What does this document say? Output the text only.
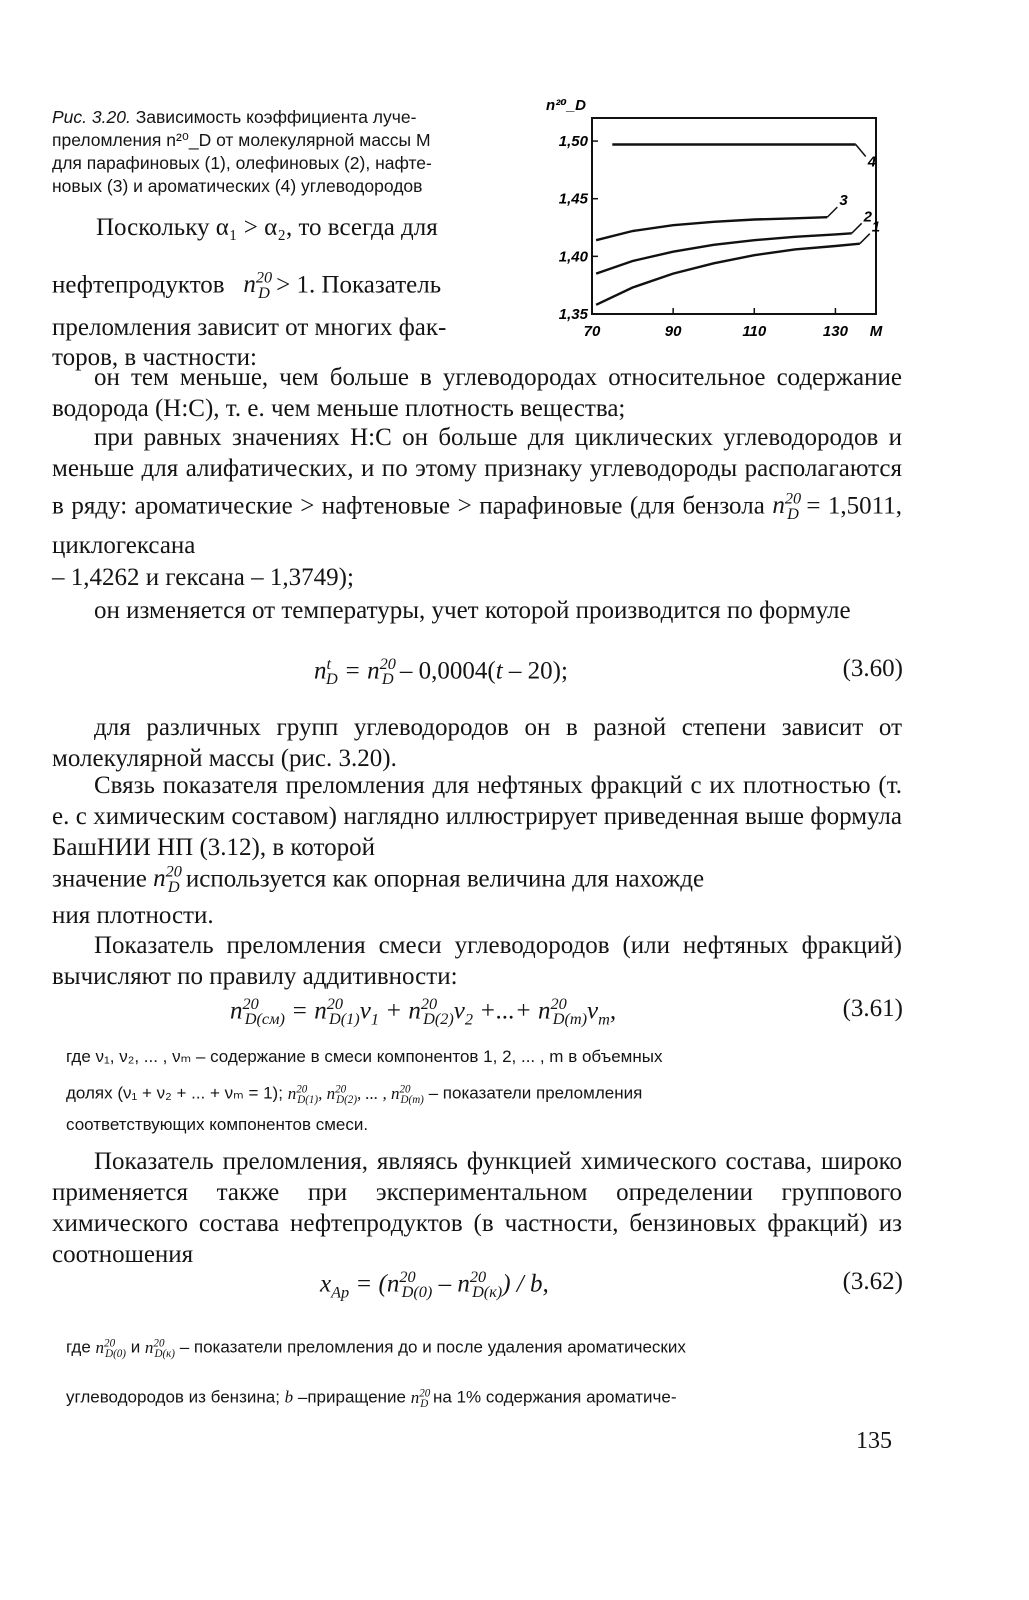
Рис. 3.20. Зависимость коэффициента луче-
преломления n²⁰_D от молекулярной массы M
для парафиновых (1), олефиновых (2), нафте-
новых (3) и ароматических (4) углеводородов
1,50
1,45
1,40
1,35
70	90	110	130 M
n²⁰_D
1
2
3
4
Поскольку α₁ > α₂, то всегда для
нефтепродуктов $n^{20}_D > 1$. Показатель
преломления зависит от многих фак-
торов, в частности:
он тем меньше, чем больше в углеводородах относительное содержание водорода (Н:С), т. е. чем меньше плотность вещества;
при равных значениях Н:С он больше для циклических углеводородов и меньше для алифатических, и по этому признаку углеводороды располагаются в ряду: ароматические > нафтеновые > парафиновые (для бензола $n^{20}_D = 1,5011$, циклогексана
– 1,4262 и гексана – 1,3749);
он изменяется от температуры, учет которой производится по формуле
$n^t_D = n^{20}_D - 0,0004(t - 20)$;	(3.60)
для различных групп углеводородов он в разной степени зависит от молекулярной массы (рис. 3.20).
Связь показателя преломления для нефтяных фракций с их плотностью (т. е. с химическим составом) наглядно иллюстрирует приведенная выше формула БашНИИ НП (3.12), в которой
значение $n^{20}_D$ используется как опорная величина для нахожде
ния плотности.
Показатель преломления смеси углеводородов (или нефтяных фракций) вычисляют по правилу аддитивности:
$n^{20}_{D(см)} = n^{20}_{D(1)}\nu_1 + n^{20}_{D(2)}\nu_2$ +...+ $n^{20}_{D(m)}\nu_m$,	(3.61)
где ν₁, ν₂, ... , νₘ – содержание в смеси компонентов 1, 2, ... , m в объемных
долях (ν₁ + ν₂ + ... + νₘ = 1); $n^{20}_{D(1)}$, $n^{20}_{D(2)}$, ... , $n^{20}_{D(m)}$ – показатели преломления
соответствующих компонентов смеси.
Показатель преломления, являясь функцией химического состава, широко применяется также при экспериментальном определении группового химического состава нефтепродуктов (в частности, бензиновых фракций) из соотношения
$x_{Ар} = (n^{20}_{D(0)} - n^{20}_{D(к)}) / b$,	(3.62)
где $n^{20}_{D(0)}$ и $n^{20}_{D(к)}$ – показатели преломления до и после удаления ароматических
углеводородов из бензина; b –приращение $n^{20}_D$ на 1% содержания ароматиче-
135
